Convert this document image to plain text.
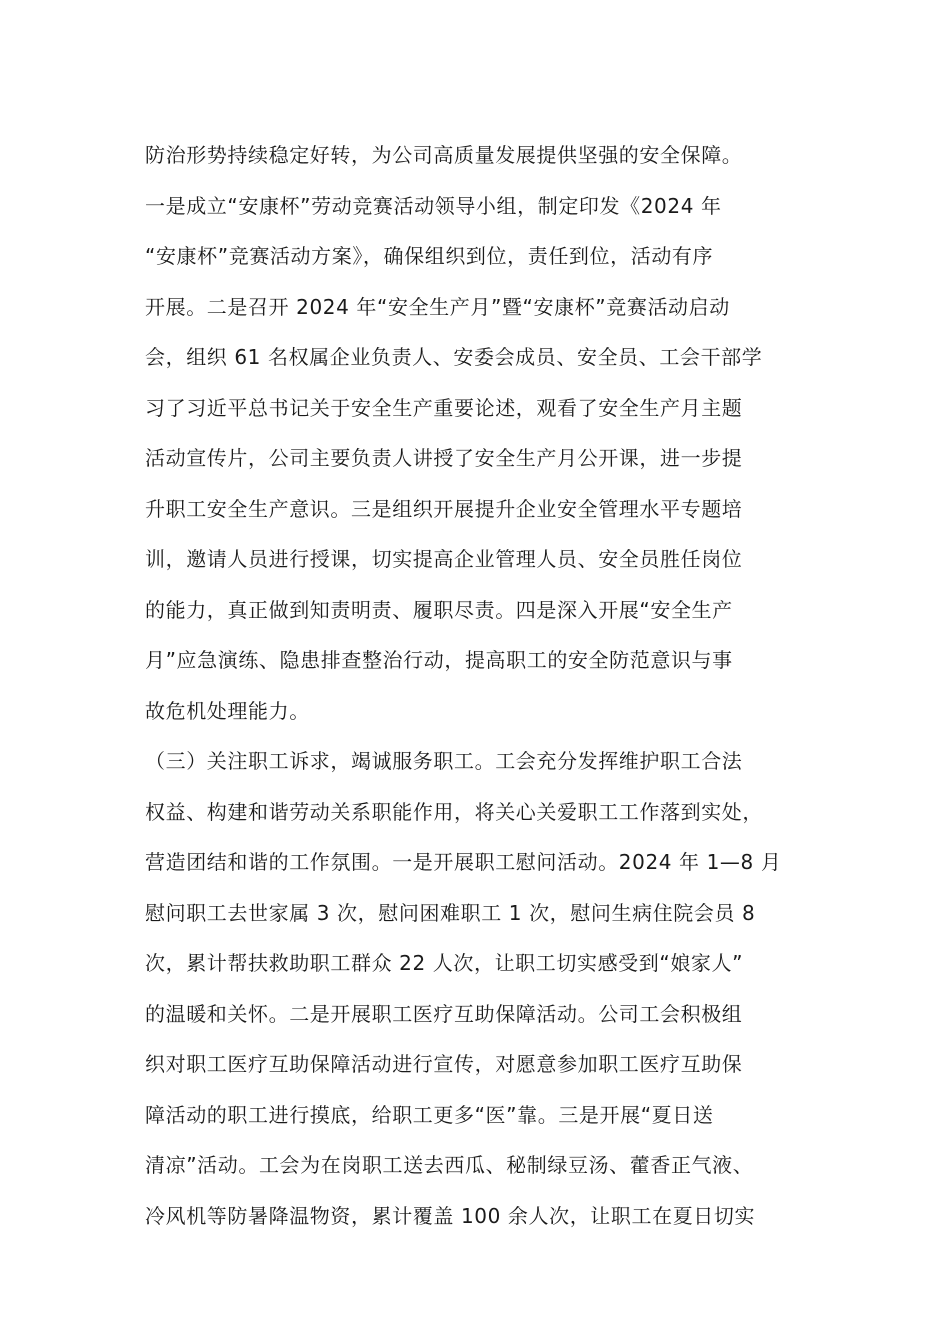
防治形势持续稳定好转，为公司高质量发展提供坚强的安全保障。
一是成立“安康杯”劳动竞赛活动领导小组，制定印发《2024 年
“安康杯”竞赛活动方案》，确保组织到位，责任到位，活动有序
开展。二是召开 2024 年“安全生产月”暨“安康杯”竞赛活动启动
会，组织 61 名权属企业负责人、安委会成员、安全员、工会干部学
习了习近平总书记关于安全生产重要论述，观看了安全生产月主题
活动宣传片，公司主要负责人讲授了安全生产月公开课，进一步提
升职工安全生产意识。三是组织开展提升企业安全管理水平专题培
训，邀请人员进行授课，切实提高企业管理人员、安全员胜任岗位
的能力，真正做到知责明责、履职尽责。四是深入开展“安全生产
月”应急演练、隐患排查整治行动，提高职工的安全防范意识与事
故危机处理能力。
（三）关注职工诉求，竭诚服务职工。工会充分发挥维护职工合法
权益、构建和谐劳动关系职能作用，将关心关爱职工工作落到实处，
营造团结和谐的工作氛围。一是开展职工慰问活动。2024 年 1—8 月
慰问职工去世家属 3 次，慰问困难职工 1 次，慰问生病住院会员 8
次，累计帮扶救助职工群众 22 人次，让职工切实感受到“娘家人”
的温暖和关怀。二是开展职工医疗互助保障活动。公司工会积极组
织对职工医疗互助保障活动进行宣传，对愿意参加职工医疗互助保
障活动的职工进行摸底，给职工更多“医”靠。三是开展“夏日送
清凉”活动。工会为在岗职工送去西瓜、秘制绿豆汤、藿香正气液、
冷风机等防暑降温物资，累计覆盖 100 余人次，让职工在夏日切实
